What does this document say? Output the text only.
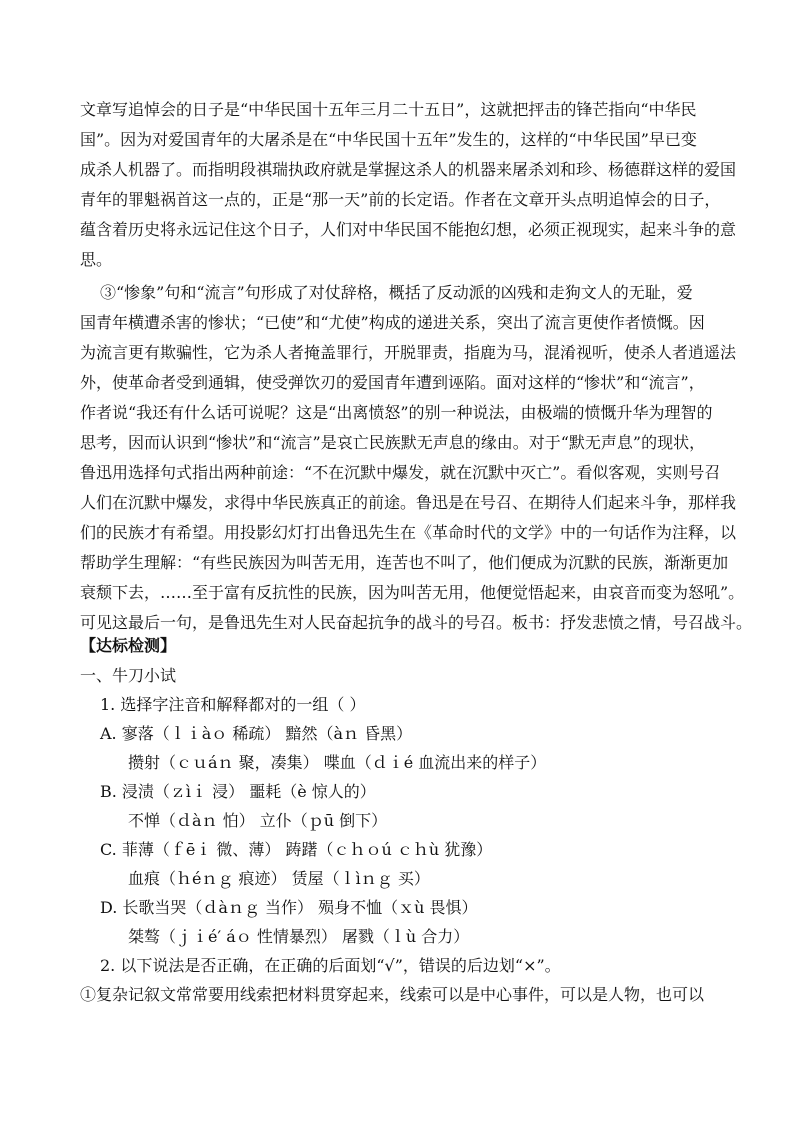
文章写追悼会的日子是“中华民国十五年三月二十五日”，这就把抨击的锋芒指向“中华民
国”。因为对爱国青年的大屠杀是在“中华民国十五年”发生的，这样的“中华民国”早已变
成杀人机器了。而指明段祺瑞执政府就是掌握这杀人的机器来屠杀刘和珍、杨德群这样的爱国
青年的罪魁祸首这一点的，正是“那一天”前的长定语。作者在文章开头点明追悼会的日子，
蕴含着历史将永远记住这个日子，人们对中华民国不能抱幻想，必须正视现实，起来斗争的意
思。
③“惨象”句和“流言”句形成了对仗辞格，概括了反动派的凶残和走狗文人的无耻，爱
国青年横遭杀害的惨状；“已使”和“尤使”构成的递进关系，突出了流言更使作者愤慨。因
为流言更有欺骗性，它为杀人者掩盖罪行，开脱罪责，指鹿为马，混淆视听，使杀人者逍遥法
外，使革命者受到通辑，使受弹饮刃的爱国青年遭到诬陷。面对这样的“惨状”和“流言”，
作者说“我还有什么话可说呢？这是“出离愤怒”的别一种说法，由极端的愤慨升华为理智的
思考，因而认识到“惨状”和“流言”是哀亡民族默无声息的缘由。对于“默无声息”的现状，
鲁迅用选择句式指出两种前途：“不在沉默中爆发，就在沉默中灭亡”。看似客观，实则号召
人们在沉默中爆发，求得中华民族真正的前途。鲁迅是在号召、在期待人们起来斗争，那样我
们的民族才有希望。用投影幻灯打出鲁迅先生在《革命时代的文学》中的一句话作为注释，以
帮助学生理解：“有些民族因为叫苦无用，连苦也不叫了，他们便成为沉默的民族，渐渐更加
衰颓下去，……至于富有反抗性的民族，因为叫苦无用，他便觉悟起来，由哀音而变为怒吼”。
可见这最后一句，是鲁迅先生对人民奋起抗争的战斗的号召。板书：抒发悲愤之情，号召战斗。
【达标检测】
一、牛刀小试
1. 选择字注音和解释都对的一组（ ）
A. 寥落（ｌｉàｏ 稀疏） 黯然（àｎ 昏黑）
攒射（ｃｕáｎ 聚，凑集） 喋血（ｄｉé 血流出来的样子）
B. 浸渍（ｚìｉ 浸） 噩耗（è 惊人的）
不惮（ｄàｎ 怕） 立仆（ｐū 倒下）
C. 菲薄（ｆēｉ 微、薄） 踌躇（ｃｈｏú ｃｈù 犹豫）
血痕（ｈéｎｇ 痕迹） 赁屋（ｌìｎｇ 买）
D. 长歌当哭（ｄàｎｇ 当作） 殒身不恤（ｘù 畏惧）
桀骜（ｊｉé′ áｏ 性情暴烈） 屠戮（ｌù 合力）
2. 以下说法是否正确，在正确的后面划“√”，错误的后边划“×”。
①复杂记叙文常常要用线索把材料贯穿起来，线索可以是中心事件，可以是人物，也可以
